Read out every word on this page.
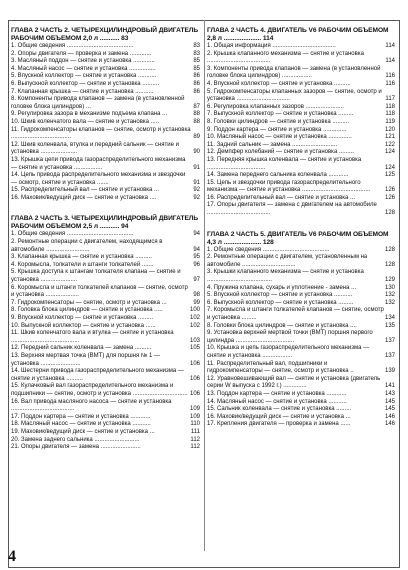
ГЛАВА 2 ЧАСТЬ 2. ЧЕТЫРЕХЦИЛИНДРОВЫЙ ДВИГАТЕЛЬ РАБОЧИМ ОБЪЕМОМ 2,0 л ........... 83
1. Общие сведения ........................................	83
2. Опоры двигателя — проверка и замена .............	83
3. Масляный поддон — снятие и установка .............	85
4. Масляный насос — снятие и установка ................	85
5. Впускной коллектор — снятие и установка ...........	86
6. Выпускной коллектор — снятие и установка ..........	86
7. Клапанная крышка — снятие и установка ...........	86
8. Компоненты привода клапанов — замена (в установленной головке блока цилиндров) ...	87
9. Регулировка зазора в механизме подъема клапана ...	88
10. Шкив коленчатого вала — снятие и установка .....	88
11. Гидрокомпенсаторы клапанов — снятие, осмотр и установка ....................................	89
12. Шкив коленвала, втулка и передний сальник — снятие и установка ......................	90
13. Крышка цепи привода газораспределительного механизма — снятие и установка .................	91
14. Цепь привода распределительного механизма и звездочки — осмотр, снятие и установка .......	91
15. Распределительный вал — снятие и установка ...	92
16. Маховик/ведущий диск — снятие и установка ....	92
ГЛАВА 2 ЧАСТЬ 3. ЧЕТЫРЕХЦИЛИНДРОВЫЙ ДВИГАТЕЛЬ РАБОЧИМ ОБЪЕМОМ 2,5 л ........... 94
1. Общие сведения ........................................	94
2. Ремонтные операции с двигателем, находящимся в автомобиле ..........................	94
3. Клапанная крышка — снятие и установка ..........	95
4. Коромысла, толкатели и штанги толкателей .......	96
5. Крышка доступа к штангам толкателя клапана — снятие и установка ......................	97
6. Коромысла и штанги толкателей клапанов — снятие, осмотр и установка ....................	98
7. Гидрокомпенсаторы — снятие, осмотр и установка ...	99
8. Головка блока цилиндров — снятие и установка .....	100
9. Впускной коллектор — снятие и установка .........	102
10. Выпускной коллектор — снятие и установка ......	102
11. Шкив коленчатого вала и втулка — снятие и установка .........................................	103
12. Передний сальник коленвала — замена ..........	105
13. Верхняя мертвая точка (ВМТ) для поршня № 1 — установка ........................	106
14. Шестерни привода газораспределительного механизма — снятие и установка ..........	106
15. Кулачковый вал газораспределительного механизма и подшипники — снятие, осмотр и установка ................................. 106
16. Вал привода масляного насоса — снятие и установка ......................................	109
17. Поддон картера — снятие и установка ............	109
18. Масляный насос — снятие и установка ...........	110
19. Маховик/ведущий диск — снятие и установка ...	111
20. Замена заднего сальника ...........................	112
21. Опоры двигателя — замена ........................	112
ГЛАВА 2 ЧАСТЬ 4. ДВИГАТЕЛЬ V6 РАБОЧИМ ОБЪЕМОМ 2,8 л ..................... 114
1. Общая информация ......................................	114
2. Крышка клапанного механизма — снятие и установка ......................................	114
3. Компоненты привода клапанов — замена (в установленной головке блока цилиндров) ..................	116
4. Впускной коллектор — снятие и установка ..........	116
5. Гидрокомпенсаторы клапанных зазоров — снятие, осмотр и установка ................................	117
6. Регулировка клапанных зазоров .......................	118
7. Выпускной коллектор — снятие и установка .........	118
8. Головки цилиндров — снятие и установка ..........	119
9. Поддон картера — снятие и установка ..............	120
10. Масляный насос — снятие и установка ..............	121
11. Задний сальник — замена ...........................	122
12. Демпфер колебаний — снятие и установка .........	124
13. Передняя крышка коленвала — снятие и установка ...................................	124
14. Замена переднего сальника коленвала ............	125
15. Цепь и звездочки привода газораспределительного механизма — снятие и установка .........................................	126
16. Распределительный вал — снятие и установка ...	126
17. Опоры двигателя — замена с двигателем на автомобиле ......................................	128
ГЛАВА 2 ЧАСТЬ 5. ДВИГАТЕЛЬ V6 РАБОЧИМ ОБЪЕМОМ 4,3 л ..................... 128
1. Общие сведения ........................................	128
2. Ремонтные операции с двигателем, установленным на автомобиле ................................	128
3. Крышки клапанного механизма — снятие и установка .......................................	129
4. Пружина клапана, сухарь и уплотнение - замена ...	130
5. Впускной коллектор — снятие и установка ...........	132
6. Выпускной коллектор — снятие и установка .........	132
7. Коромысла и штанги толкателей клапанов — снятие, осмотр и установка .........	134
8. Головки блока цилиндров — снятие и установка ....	135
9. Установка верхней мертвой точки (ВМТ) поршня первого цилиндра ...................................	137
10. Крышка и цепь газораспределительного механизма — снятие и установка ..................	137
11. Распределительный вал, подшипники и гидрокомпенсаторы — снятие, осмотр и установка ..	139
12. Уравновешивающий вал — снятие и установка (двигатель серии W выпуска с 1992 г.) ..............	141
13. Поддон картера — снятие и установка ............	143
14. Масляный насос — снятие и установка ...........	145
15. Сальник коленвала — снятие и установка .........	145
16. Маховик/ведущий диск — снятие и установка ...	146
17. Крепления двигателя — проверка и замена ......	146
4
